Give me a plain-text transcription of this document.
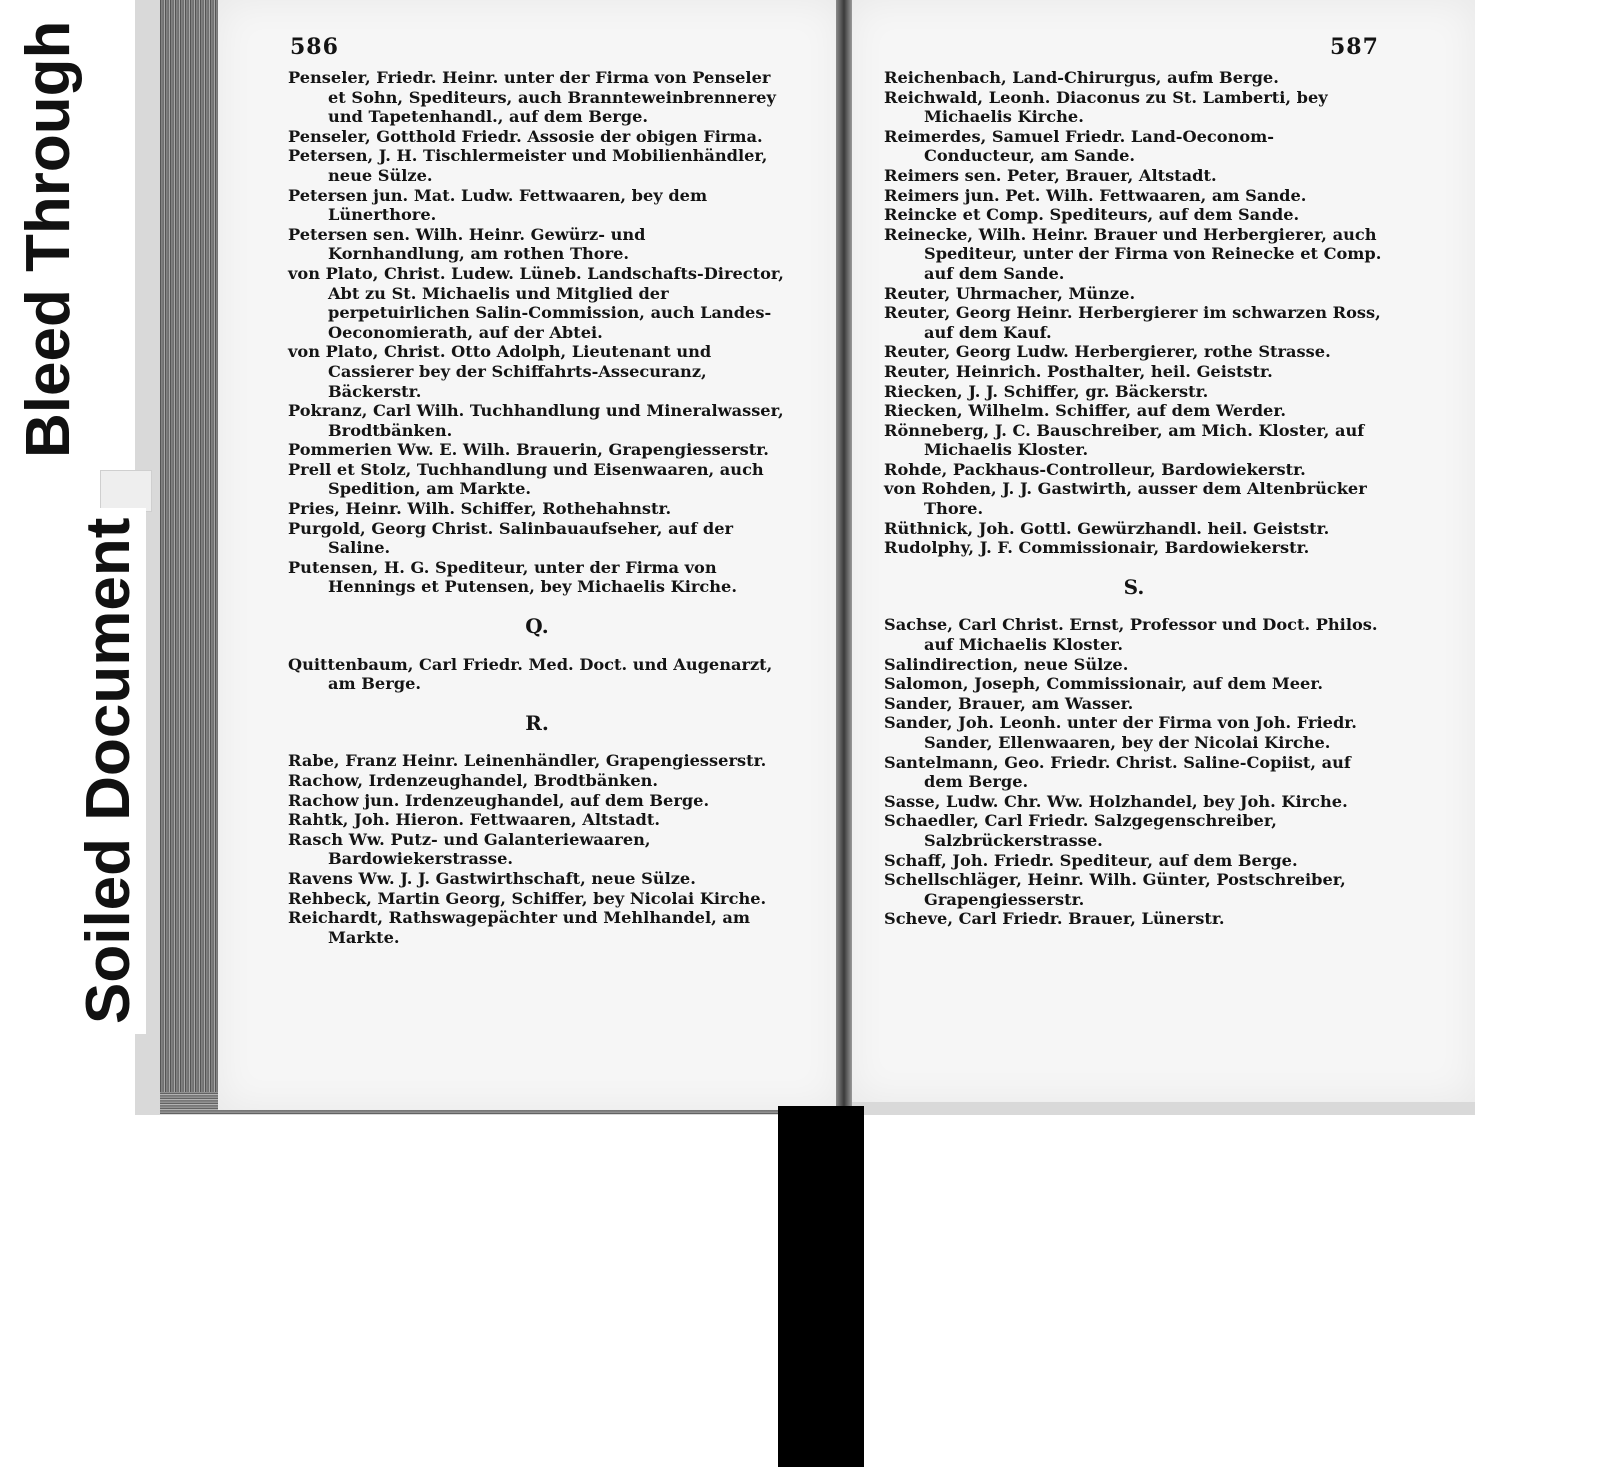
Bleed Through
Soiled Document
586	587
Penseler, Friedr. Heinr. unter der Firma von Penseler et Sohn, Spediteurs, auch Brannteweinbrennerey und Tapetenhandl., auf dem Berge.
Penseler, Gotthold Friedr. Assosie der obigen Firma.
Petersen, J. H. Tischlermeister und Mobilienhändler, neue Sülze.
Petersen jun. Mat. Ludw. Fettwaaren, bey dem Lünerthore.
Petersen sen. Wilh. Heinr. Gewürz- und Kornhandlung, am rothen Thore.
von Plato, Christ. Ludew. Lüneb. Landschafts-Director, Abt zu St. Michaelis und Mitglied der perpetuirlichen Salin-Commission, auch Landes-Oeconomierath, auf der Abtei.
von Plato, Christ. Otto Adolph, Lieutenant und Cassierer bey der Schiffahrts-Assecuranz, Bäckerstr.
Pokranz, Carl Wilh. Tuchhandlung und Mineralwasser, Brodtbänken.
Pommerien Ww. E. Wilh. Brauerin, Grapengiesserstr.
Prell et Stolz, Tuchhandlung und Eisenwaaren, auch Spedition, am Markte.
Pries, Heinr. Wilh. Schiffer, Rothehahnstr.
Purgold, Georg Christ. Salinbauaufseher, auf der Saline.
Putensen, H. G. Spediteur, unter der Firma von Hennings et Putensen, bey Michaelis Kirche.
Q.
Quittenbaum, Carl Friedr. Med. Doct. und Augenarzt, am Berge.
R.
Rabe, Franz Heinr. Leinenhändler, Grapengiesserstr.
Rachow, Irdenzeughandel, Brodtbänken.
Rachow jun. Irdenzeughandel, auf dem Berge.
Rahtk, Joh. Hieron. Fettwaaren, Altstadt.
Rasch Ww. Putz- und Galanteriewaaren, Bardowiekerstrasse.
Ravens Ww. J. J. Gastwirthschaft, neue Sülze.
Rehbeck, Martin Georg, Schiffer, bey Nicolai Kirche.
Reichardt, Rathswagepächter und Mehlhandel, am Markte.
Reichenbach, Land-Chirurgus, aufm Berge.
Reichwald, Leonh. Diaconus zu St. Lamberti, bey Michaelis Kirche.
Reimerdes, Samuel Friedr. Land-Oeconom-Conducteur, am Sande.
Reimers sen. Peter, Brauer, Altstadt.
Reimers jun. Pet. Wilh. Fettwaaren, am Sande.
Reincke et Comp. Spediteurs, auf dem Sande.
Reinecke, Wilh. Heinr. Brauer und Herbergierer, auch Spediteur, unter der Firma von Reinecke et Comp. auf dem Sande.
Reuter, Uhrmacher, Münze.
Reuter, Georg Heinr. Herbergierer im schwarzen Ross, auf dem Kauf.
Reuter, Georg Ludw. Herbergierer, rothe Strasse.
Reuter, Heinrich. Posthalter, heil. Geiststr.
Riecken, J. J. Schiffer, gr. Bäckerstr.
Riecken, Wilhelm. Schiffer, auf dem Werder.
Rönneberg, J. C. Bauschreiber, am Mich. Kloster, auf Michaelis Kloster.
Rohde, Packhaus-Controlleur, Bardowiekerstr.
von Rohden, J. J. Gastwirth, ausser dem Altenbrücker Thore.
Rüthnick, Joh. Gottl. Gewürzhandl. heil. Geiststr.
Rudolphy, J. F. Commissionair, Bardowiekerstr.
S.
Sachse, Carl Christ. Ernst, Professor und Doct. Philos. auf Michaelis Kloster.
Salindirection, neue Sülze.
Salomon, Joseph, Commissionair, auf dem Meer.
Sander, Brauer, am Wasser.
Sander, Joh. Leonh. unter der Firma von Joh. Friedr. Sander, Ellenwaaren, bey der Nicolai Kirche.
Santelmann, Geo. Friedr. Christ. Saline-Copiist, auf dem Berge.
Sasse, Ludw. Chr. Ww. Holzhandel, bey Joh. Kirche.
Schaedler, Carl Friedr. Salzgegenschreiber, Salzbrückerstrasse.
Schaff, Joh. Friedr. Spediteur, auf dem Berge.
Schellschläger, Heinr. Wilh. Günter, Postschreiber, Grapengiesserstr.
Scheve, Carl Friedr. Brauer, Lünerstr.
